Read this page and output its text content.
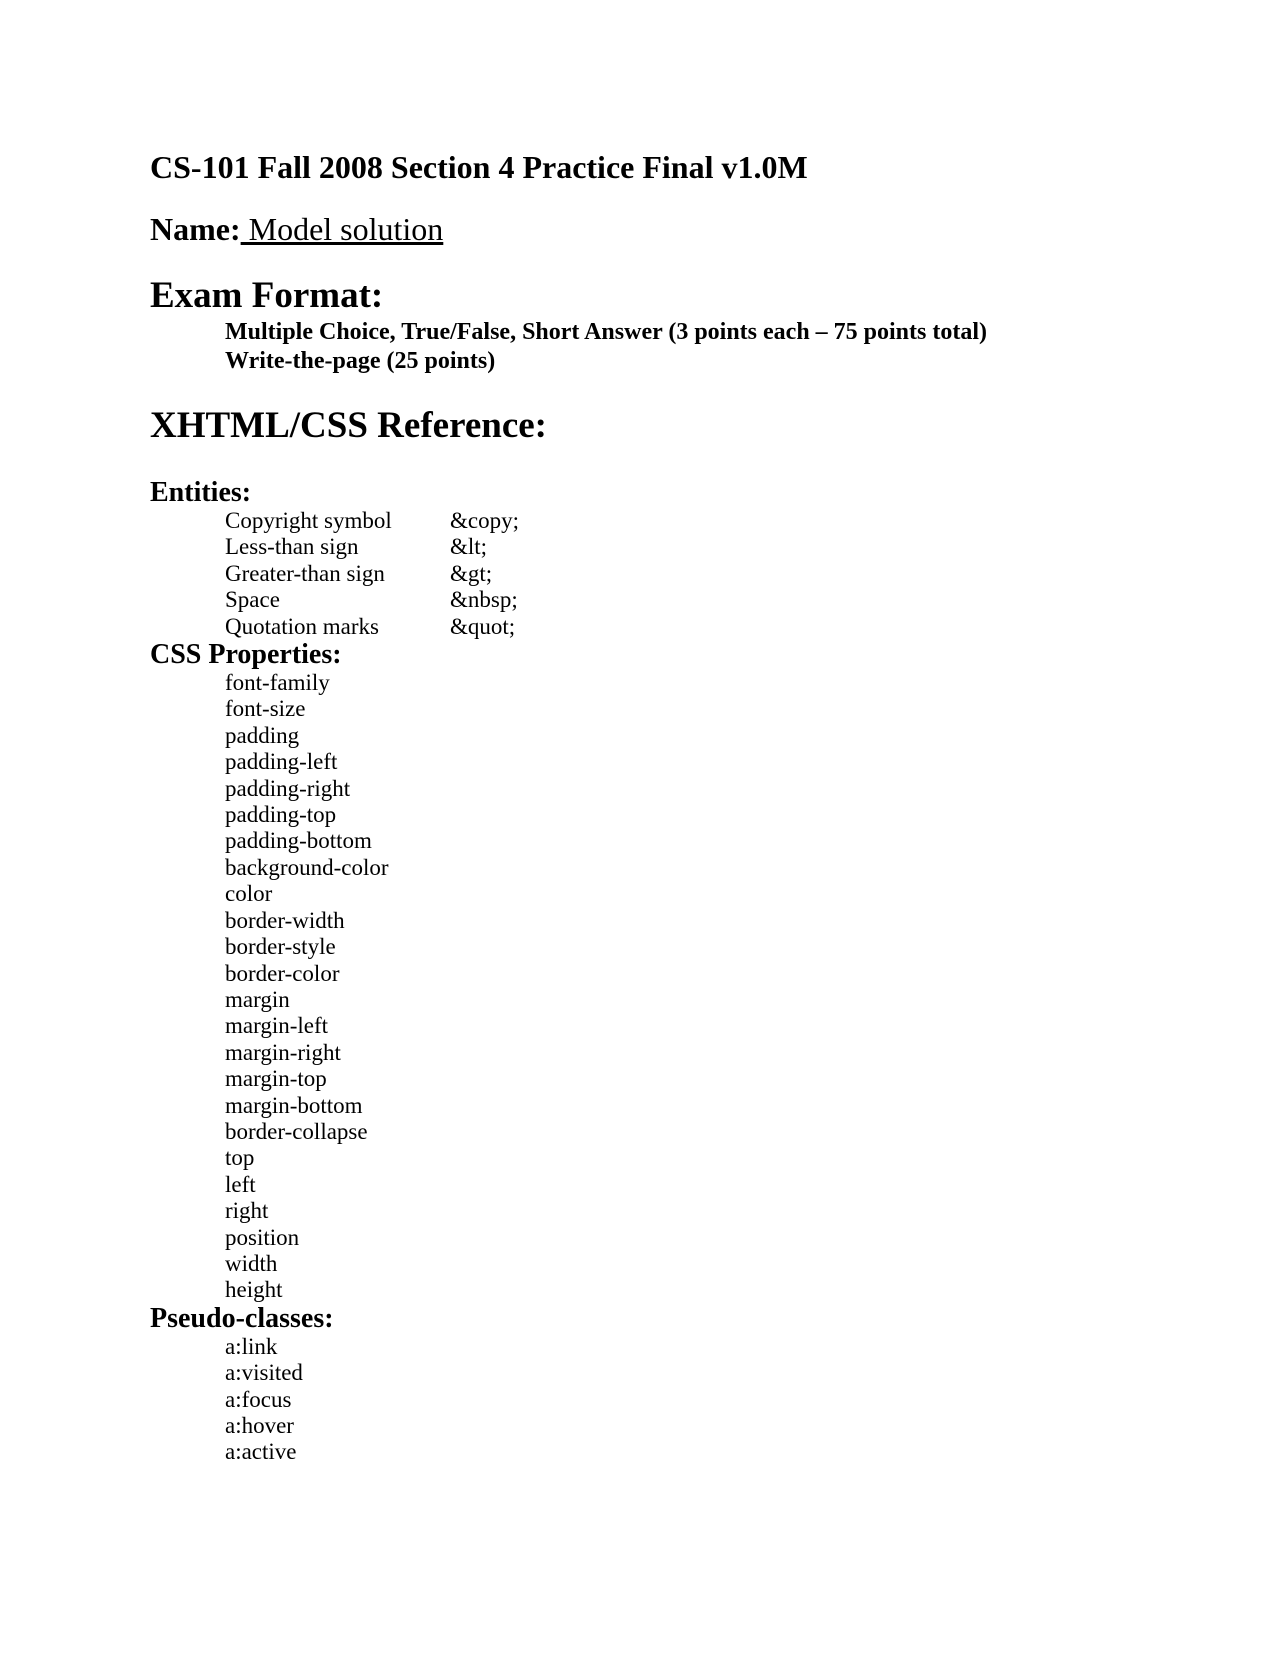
CS-101 Fall 2008 Section 4 Practice Final v1.0M

Name: Model solution

Exam Format:
Multiple Choice, True/False, Short Answer (3 points each – 75 points total)
Write-the-page (25 points)
XHTML/CSS Reference:
Entities:
Copyright symbol	&copy;
Less-than sign	&lt;
Greater-than sign	&gt;
Space	&nbsp;
Quotation marks	&quot;
CSS Properties:
font-family
font-size
padding
padding-left
padding-right
padding-top
padding-bottom
background-color
color
border-width
border-style
border-color
margin
margin-left
margin-right
margin-top
margin-bottom
border-collapse
top
left
right
position
width
height
Pseudo-classes:
a:link
a:visited
a:focus
a:hover
a:active
